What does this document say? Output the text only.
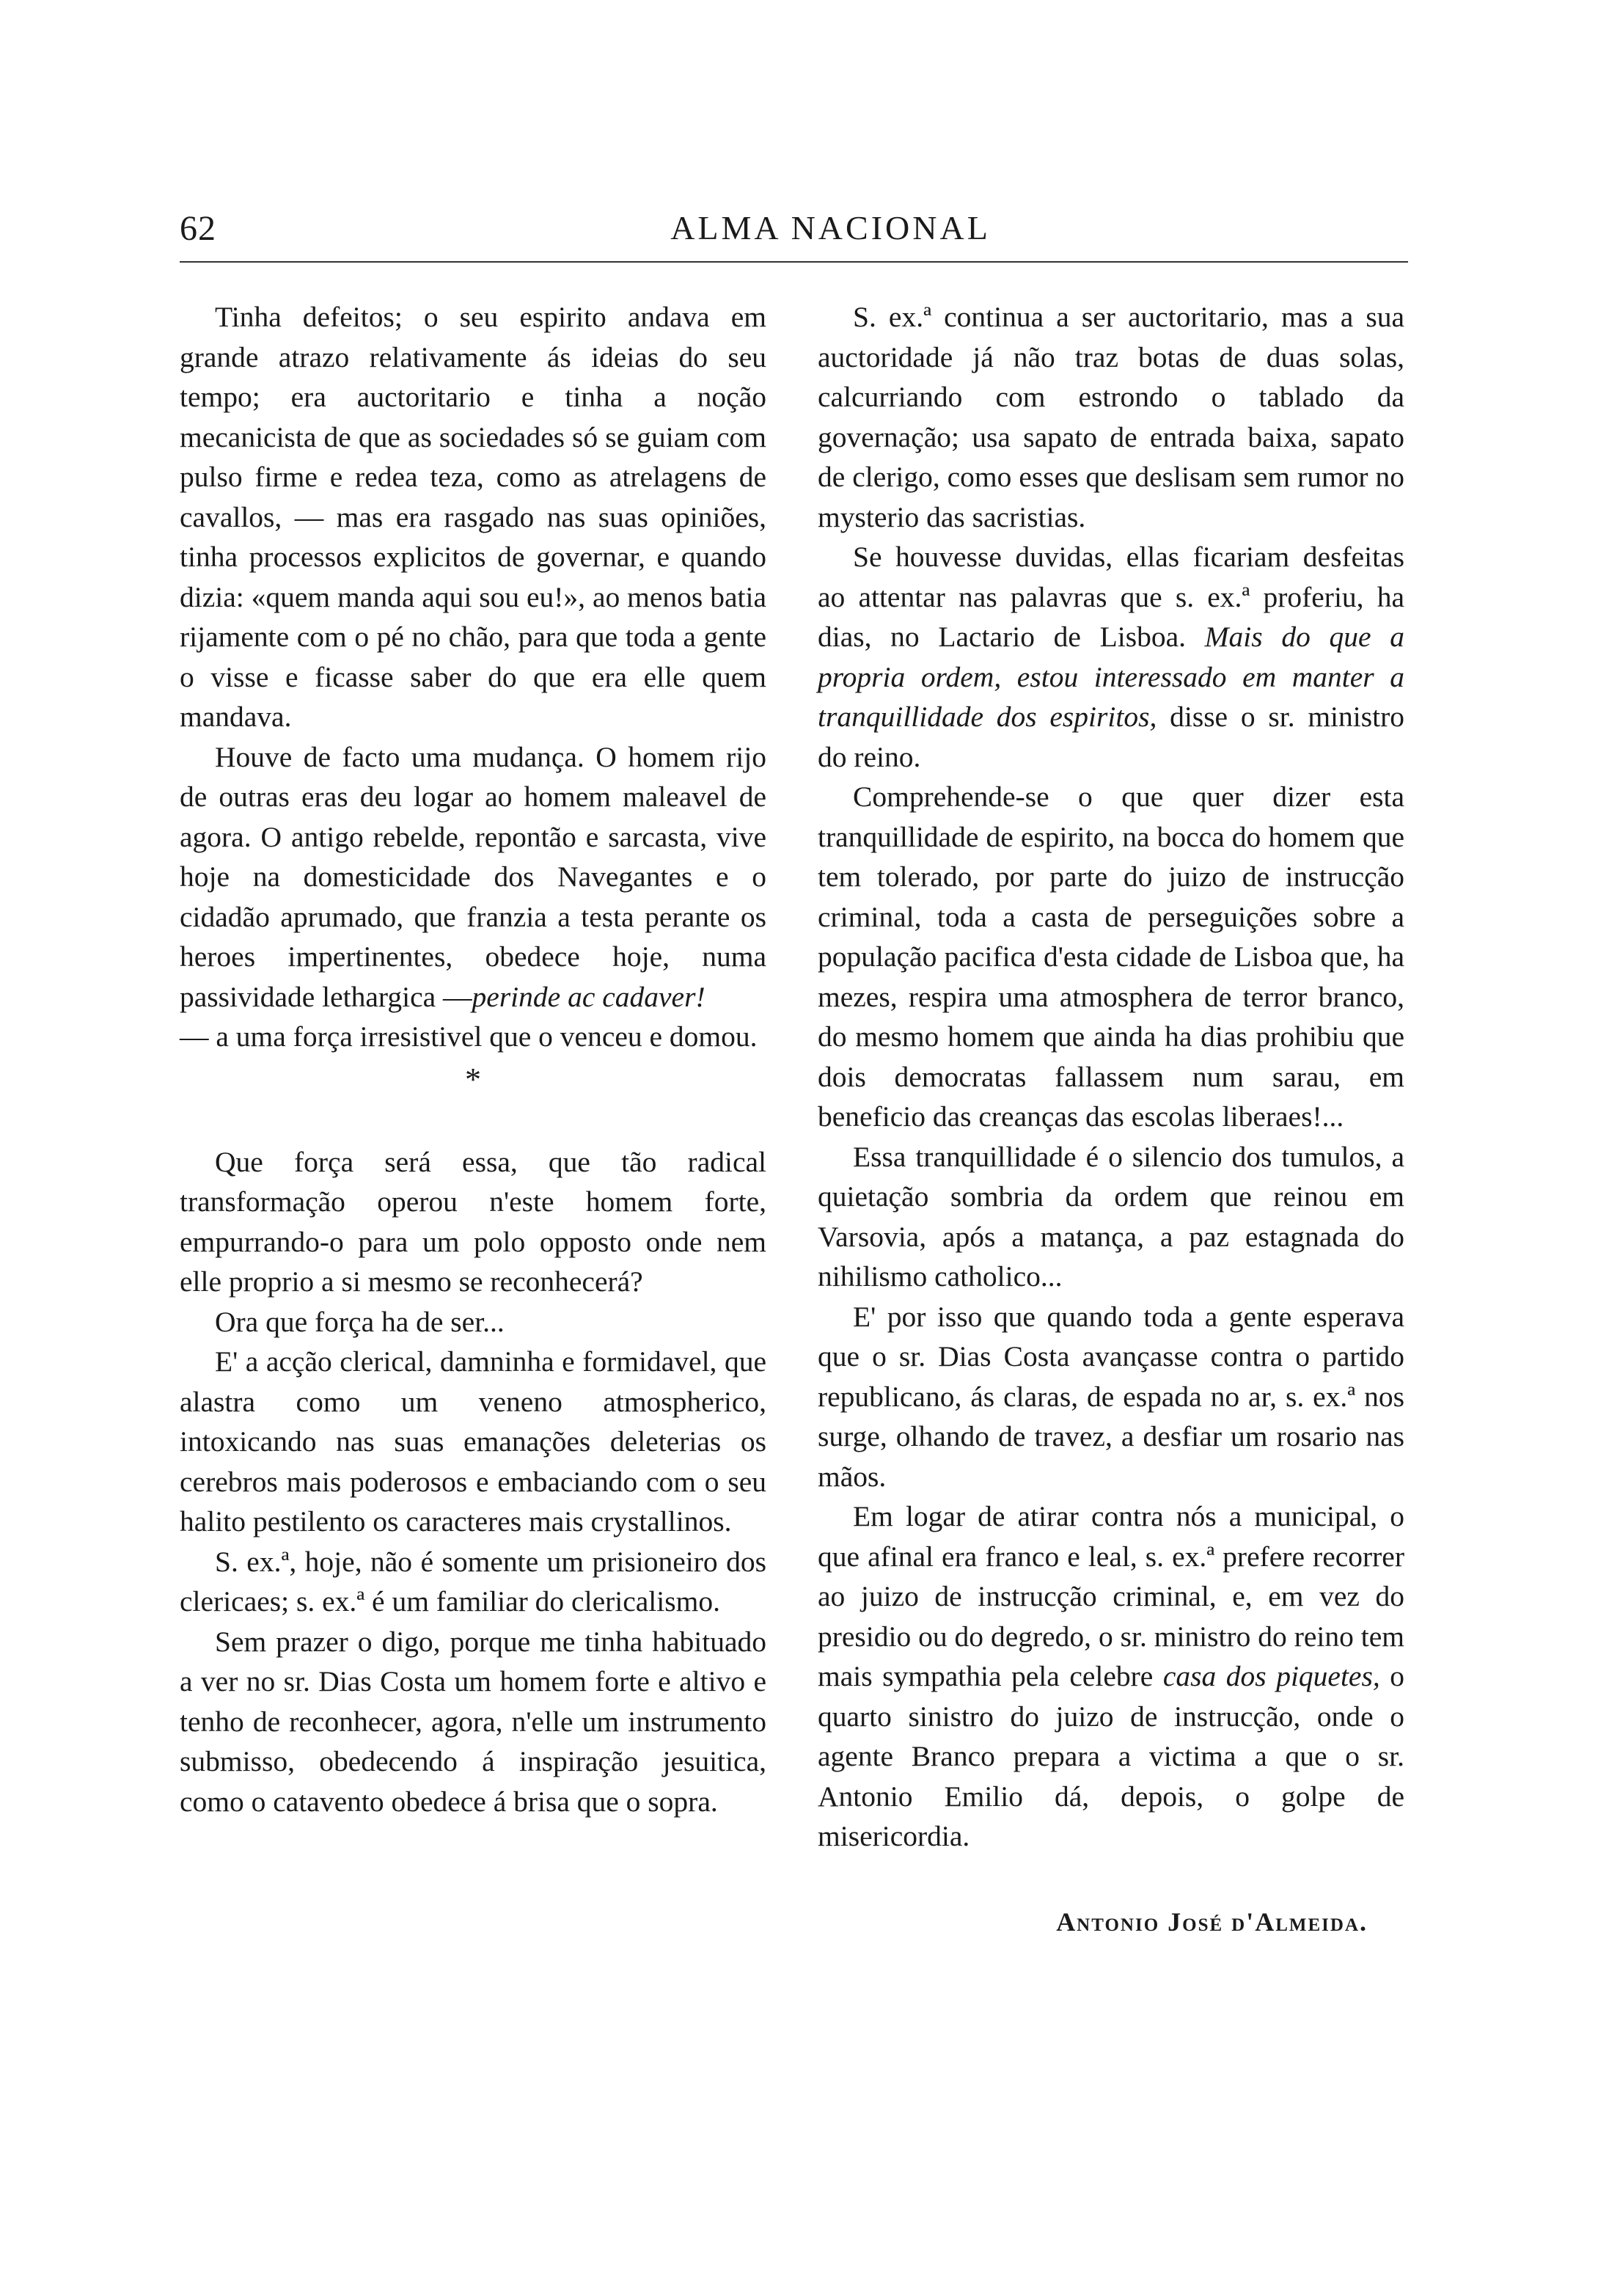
62	ALMA NACIONAL

Tinha defeitos; o seu espirito andava em grande atrazo relativamente ás ideias do seu tempo; era auctoritario e tinha a noção mecanicista de que as sociedades só se guiam com pulso firme e redea teza, como as atrelagens de cavallos, — mas era rasgado nas suas opiniões, tinha processos explicitos de governar, e quando dizia: «quem manda aqui sou eu!», ao menos batia rijamente com o pé no chão, para que toda a gente o visse e ficasse saber do que era elle quem mandava.

Houve de facto uma mudança. O homem rijo de outras eras deu logar ao homem maleavel de agora. O antigo rebelde, repontão e sarcasta, vive hoje na domesticidade dos Navegantes e o cidadão aprumado, que franzia a testa perante os heroes impertinentes, obedece hoje, numa passividade lethargica —perinde ac cadaver!
— a uma força irresistivel que o venceu e domou.

*

Que força será essa, que tão radical transformação operou n'este homem forte, empurrando-o para um polo opposto onde nem elle proprio a si mesmo se reconhecerá?

Ora que força ha de ser...

E' a acção clerical, damninha e formidavel, que alastra como um veneno atmospherico, intoxicando nas suas emanações deleterias os cerebros mais poderosos e embaciando com o seu halito pestilento os caracteres mais crystallinos.

S. ex.ª, hoje, não é somente um prisioneiro dos clericaes; s. ex.ª é um familiar do clericalismo.

Sem prazer o digo, porque me tinha habituado a ver no sr. Dias Costa um homem forte e altivo e tenho de reconhecer, agora, n'elle um instrumento submisso, obedecendo á inspiração jesuitica, como o catavento obedece á brisa que o sopra.

S. ex.ª continua a ser auctoritario, mas a sua auctoridade já não traz botas de duas solas, calcurriando com estrondo o tablado da governação; usa sapato de entrada baixa, sapato de clerigo, como esses que deslisam sem rumor no mysterio das sacristias.

Se houvesse duvidas, ellas ficariam desfeitas ao attentar nas palavras que s. ex.ª proferiu, ha dias, no Lactario de Lisboa. Mais do que a propria ordem, estou interessado em manter a tranquillidade dos espiritos, disse o sr. ministro do reino.

Comprehende-se o que quer dizer esta tranquillidade de espirito, na bocca do homem que tem tolerado, por parte do juizo de instrucção criminal, toda a casta de perseguições sobre a população pacifica d'esta cidade de Lisboa que, ha mezes, respira uma atmosphera de terror branco, do mesmo homem que ainda ha dias prohibiu que dois democratas fallassem num sarau, em beneficio das creanças das escolas liberaes!...

Essa tranquillidade é o silencio dos tumulos, a quietação sombria da ordem que reinou em Varsovia, após a matança, a paz estagnada do nihilismo catholico...

E' por isso que quando toda a gente esperava que o sr. Dias Costa avançasse contra o partido republicano, ás claras, de espada no ar, s. ex.ª nos surge, olhando de travez, a desfiar um rosario nas mãos.

Em logar de atirar contra nós a municipal, o que afinal era franco e leal, s. ex.ª prefere recorrer ao juizo de instrucção criminal, e, em vez do presidio ou do degredo, o sr. ministro do reino tem mais sympathia pela celebre casa dos piquetes, o quarto sinistro do juizo de instrucção, onde o agente Branco prepara a victima a que o sr. Antonio Emilio dá, depois, o golpe de misericordia.

Antonio José d'Almeida.
